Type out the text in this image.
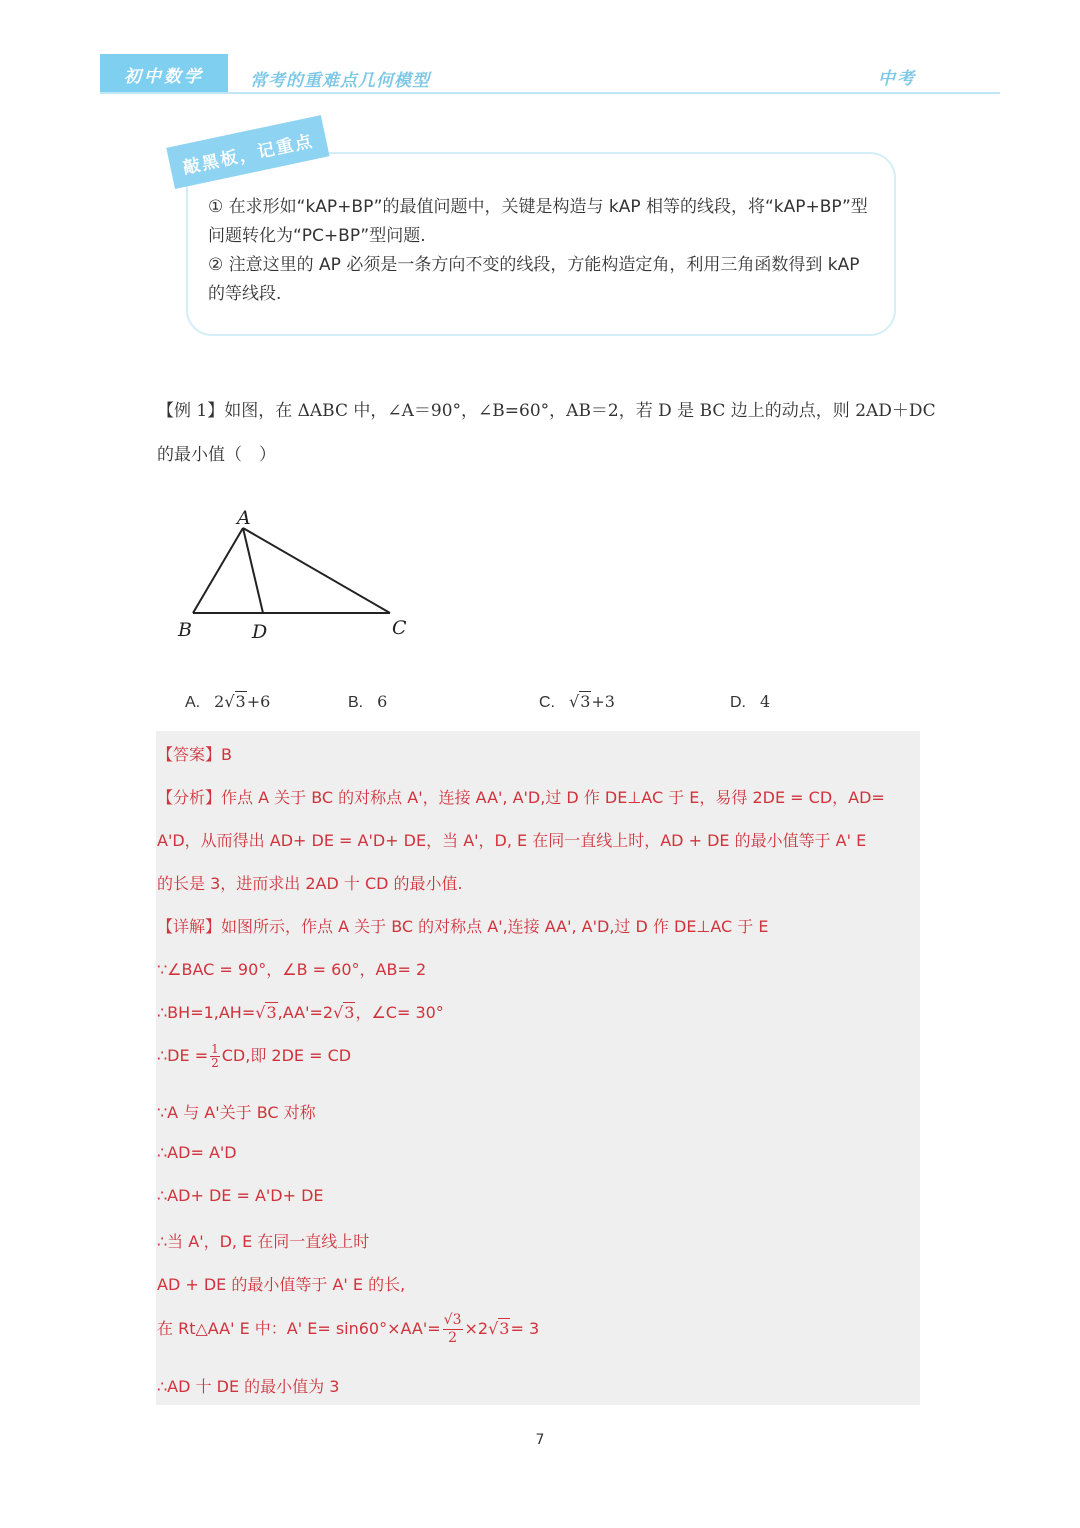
初中数学	常考的重难点几何模型	中考
敲黑板，记重点
① 在求形如“kAP+BP”的最值问题中，关键是构造与 kAP 相等的线段，将“kAP+BP”型问题转化为“PC+BP”型问题.
② 注意这里的 AP 必须是一条方向不变的线段，方能构造定角，利用三角函数得到 kAP 的等线段.
【例 1】如图，在 ΔABC 中，∠A＝90°，∠B=60°，AB＝2，若 D 是 BC 边上的动点，则 2AD＋DC
的最小值（　）
A
B	D	C
A. 2√3+6	B. 6	C. √3+3	D. 4
【答案】B
【分析】作点 A 关于 BC 的对称点 A'，连接 AA', A'D,过 D 作 DE⊥AC 于 E，易得 2DE = CD，AD=
A'D，从而得出 AD+ DE = A'D+ DE，当 A'，D, E 在同一直线上时，AD + DE 的最小值等于 A' E
的长是 3，进而求出 2AD 十 CD 的最小值.
【详解】如图所示，作点 A 关于 BC 的对称点 A',连接 AA', A'D,过 D 作 DE⊥AC 于 E
∵∠BAC = 90°，∠B = 60°，AB= 2
∴BH=1,AH=√3,AA'=2√3，∠C= 30°
∴DE = $\frac{1}{2}$ CD,即 2DE = CD
∵A 与 A'关于 BC 对称
∴AD= A'D
∴AD+ DE = A'D+ DE
∴当 A'，D, E 在同一直线上时
AD + DE 的最小值等于 A' E 的长,
在 Rt△AA' E 中：A' $E= \sin 60^\circ\times AA'= \frac{√3}{2} \times 2√3= 3$
∴AD 十 DE 的最小值为 3
7
